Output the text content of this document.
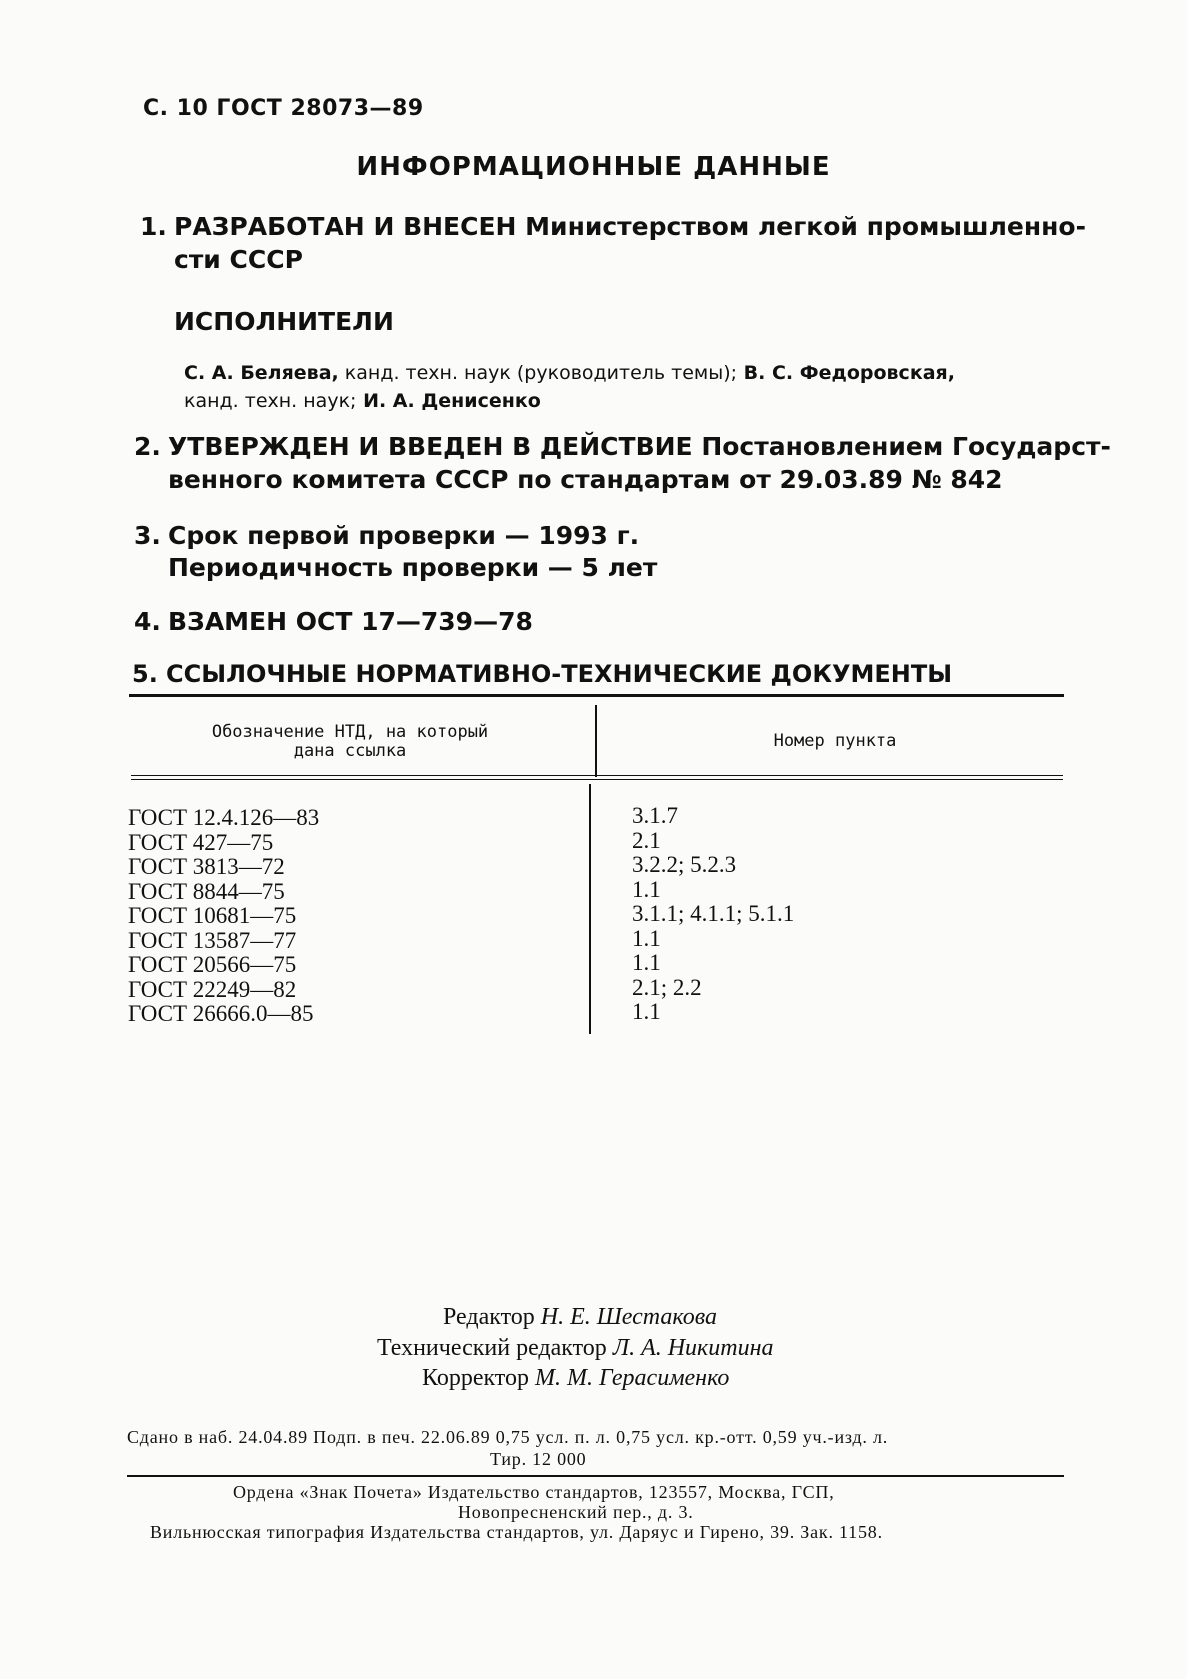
С. 10 ГОСТ 28073—89
ИНФОРМАЦИОННЫЕ ДАННЫЕ
1. РАЗРАБОТАН И ВНЕСЕН Министерством легкой промышленно-
сти СССР
ИСПОЛНИТЕЛИ
С. А. Беляева, канд. техн. наук (руководитель темы); В. С. Федоровская,
канд. техн. наук; И. А. Денисенко
2. УТВЕРЖДЕН И ВВЕДЕН В ДЕЙСТВИЕ Постановлением Государст-
венного комитета СССР по стандартам от 29.03.89 № 842
3. Срок первой проверки — 1993 г.
Периодичность проверки — 5 лет
4. ВЗАМЕН ОСТ 17—739—78
5. ССЫЛОЧНЫЕ НОРМАТИВНО-ТЕХНИЧЕСКИЕ ДОКУМЕНТЫ
Обозначение НТД, на который
дана ссылка	Номер пункта
ГОСТ 12.4.126—83
ГОСТ 427—75
ГОСТ 3813—72
ГОСТ 8844—75
ГОСТ 10681—75
ГОСТ 13587—77
ГОСТ 20566—75
ГОСТ 22249—82
ГОСТ 26666.0—85
3.1.7
2.1
3.2.2; 5.2.3
1.1
3.1.1; 4.1.1; 5.1.1
1.1
1.1
2.1; 2.2
1.1
Редактор Н. Е. Шестакова
Технический редактор Л. А. Никитина
Корректор М. М. Герасименко
Сдано в наб. 24.04.89 Подп. в печ. 22.06.89 0,75 усл. п. л. 0,75 усл. кр.-отт. 0,59 уч.-изд. л.
Тир. 12 000
Ордена «Знак Почета» Издательство стандартов, 123557, Москва, ГСП,
Новопресненский пер., д. 3.
Вильнюсская типография Издательства стандартов, ул. Даряус и Гирено, 39. Зак. 1158.
